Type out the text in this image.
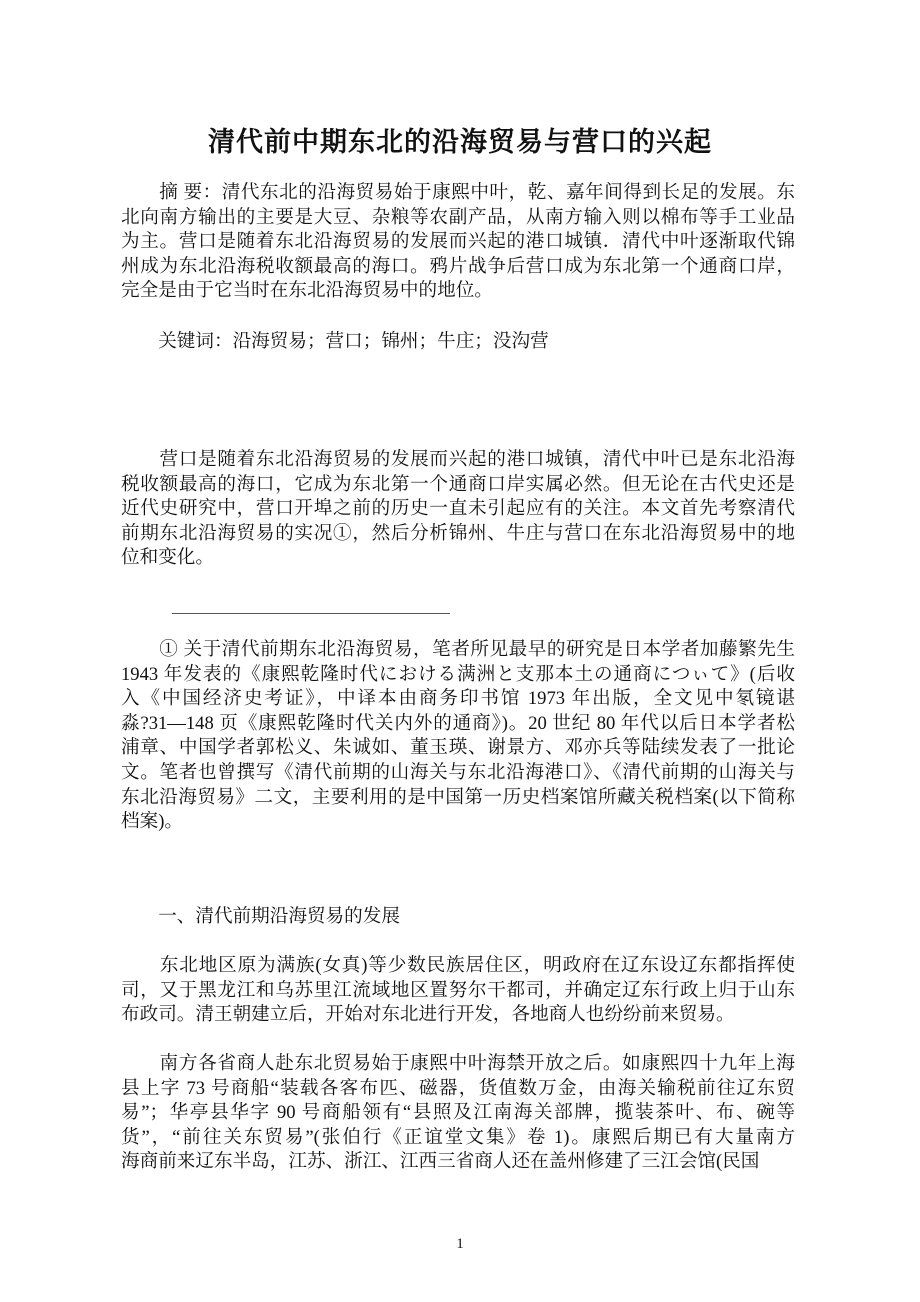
清代前中期东北的沿海贸易与营口的兴起
　　摘 要：清代东北的沿海贸易始于康熙中叶，乾、嘉年间得到长足的发展。东
北向南方输出的主要是大豆、杂粮等农副产品，从南方输入则以棉布等手工业品
为主。营口是随着东北沿海贸易的发展而兴起的港口城镇．清代中叶逐渐取代锦
州成为东北沿海税收额最高的海口。鸦片战争后营口成为东北第一个通商口岸，
完全是由于它当时在东北沿海贸易中的地位。
　　关键词：沿海贸易；营口；锦州；牛庄；没沟营
　　营口是随着东北沿海贸易的发展而兴起的港口城镇，清代中叶已是东北沿海
税收额最高的海口，它成为东北第一个通商口岸实属必然。但无论在古代史还是
近代史研究中，营口开埠之前的历史一直未引起应有的关注。本文首先考察清代
前期东北沿海贸易的实况①，然后分析锦州、牛庄与营口在东北沿海贸易中的地
位和变化。
　　① 关于清代前期东北沿海贸易，笔者所见最早的研究是日本学者加藤繁先生
1943 年发表的《康熙乾隆时代における满洲と支那本土の通商につぃて》(后收
入《中国经济史考证》，中译本由商务印书馆 1973 年出版，全文见中氡镜谌
淼?31—148 页《康熙乾隆时代关内外的通商》)。20 世纪 80 年代以后日本学者松
浦章、中国学者郭松义、朱诚如、董玉瑛、谢景方、邓亦兵等陆续发表了一批论
文。笔者也曾撰写《清代前期的山海关与东北沿海港口》、《清代前期的山海关与
东北沿海贸易》二文，主要利用的是中国第一历史档案馆所藏关税档案(以下简称
档案)。
　　一、清代前期沿海贸易的发展
　　东北地区原为满族(女真)等少数民族居住区，明政府在辽东设辽东都指挥使
司，又于黑龙江和乌苏里江流域地区置努尔干都司，并确定辽东行政上归于山东
布政司。清王朝建立后，开始对东北进行开发，各地商人也纷纷前来贸易。
　　南方各省商人赴东北贸易始于康熙中叶海禁开放之后。如康熙四十九年上海
县上字 73 号商船“装载各客布匹、磁器，货值数万金，由海关输税前往辽东贸
易”；华亭县华字 90 号商船领有“县照及江南海关部牌，揽装茶叶、布、碗等
货”，“前往关东贸易”(张伯行《正谊堂文集》卷 1)。康熙后期已有大量南方
海商前来辽东半岛，江苏、浙江、江西三省商人还在盖州修建了三江会馆(民国
1
